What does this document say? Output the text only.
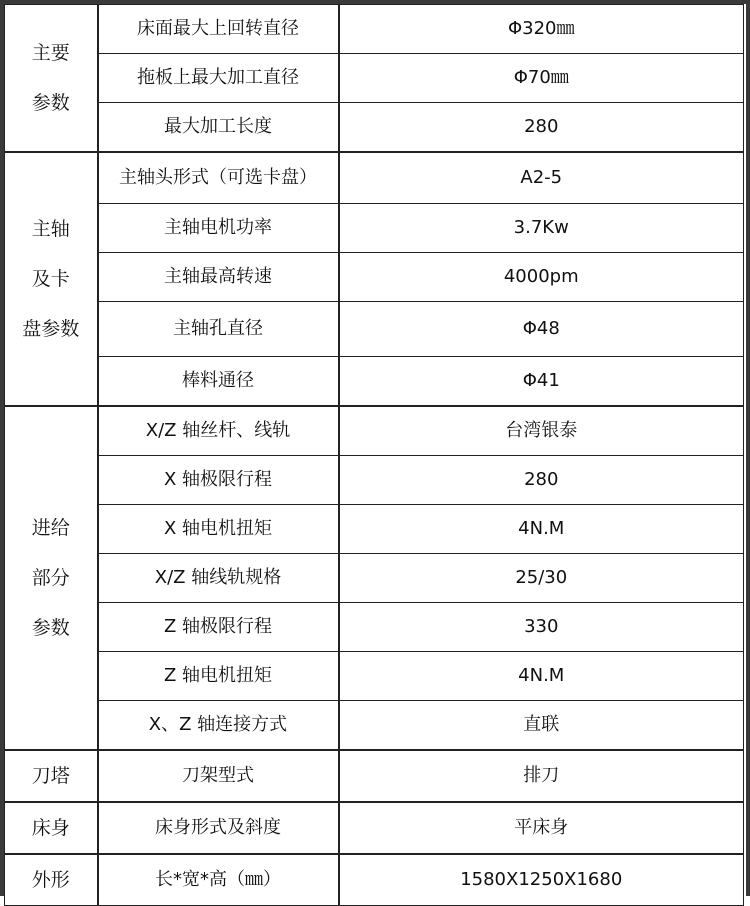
主要
参数	床面最大上回转直径	Φ320㎜
	拖板上最大加工直径	Φ70㎜
	最大加工长度	280

主轴
及卡
盘参数	主轴头形式（可选卡盘）	A2-5
	主轴电机功率	3.7Kw
	主轴最高转速	4000pm
	主轴孔直径	Φ48
	棒料通径	Φ41

进给
部分
参数	X/Z 轴丝杆、线轨	台湾银泰
	X 轴极限行程	280
	X 轴电机扭矩	4N.M
	X/Z 轴线轨规格	25/30
	Z 轴极限行程	330
	Z 轴电机扭矩	4N.M
	X、Z 轴连接方式	直联

刀塔	刀架型式	排刀

床身	床身形式及斜度	平床身

外形	长*宽*高（㎜）	1580X1250X1680
